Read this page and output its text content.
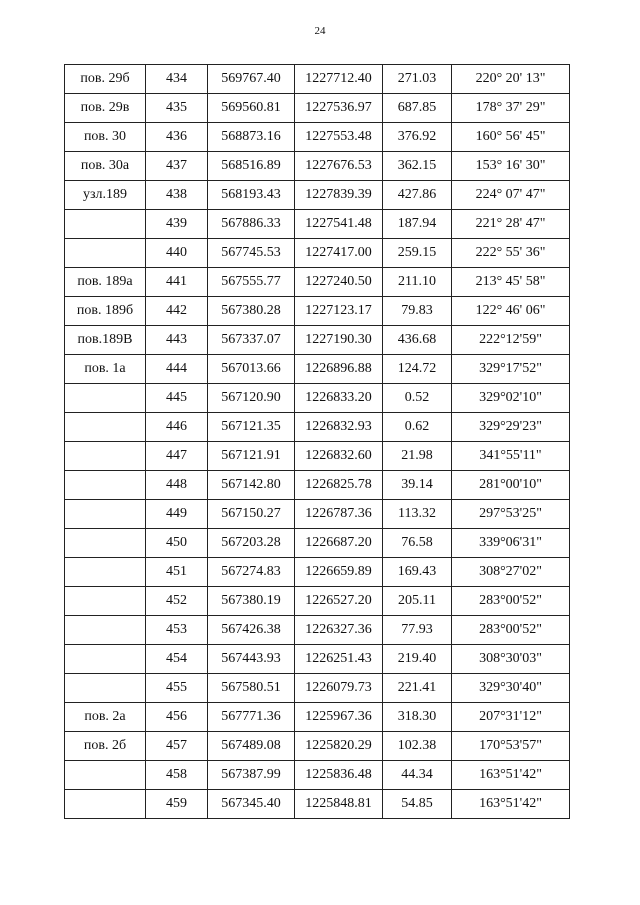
24
пов. 29б	434	569767.40	1227712.40	271.03	220° 20' 13"
пов. 29в	435	569560.81	1227536.97	687.85	178° 37' 29"
пов. 30	436	568873.16	1227553.48	376.92	160° 56' 45"
пов. 30а	437	568516.89	1227676.53	362.15	153° 16' 30"
узл.189	438	568193.43	1227839.39	427.86	224° 07' 47"
	439	567886.33	1227541.48	187.94	221° 28' 47"
	440	567745.53	1227417.00	259.15	222° 55' 36"
пов. 189а	441	567555.77	1227240.50	211.10	213° 45' 58"
пов. 189б	442	567380.28	1227123.17	79.83	122° 46' 06"
пов.189В	443	567337.07	1227190.30	436.68	222°12'59"
пов. 1а	444	567013.66	1226896.88	124.72	329°17'52"
	445	567120.90	1226833.20	0.52	329°02'10"
	446	567121.35	1226832.93	0.62	329°29'23"
	447	567121.91	1226832.60	21.98	341°55'11"
	448	567142.80	1226825.78	39.14	281°00'10"
	449	567150.27	1226787.36	113.32	297°53'25"
	450	567203.28	1226687.20	76.58	339°06'31"
	451	567274.83	1226659.89	169.43	308°27'02"
	452	567380.19	1226527.20	205.11	283°00'52"
	453	567426.38	1226327.36	77.93	283°00'52"
	454	567443.93	1226251.43	219.40	308°30'03"
	455	567580.51	1226079.73	221.41	329°30'40"
пов. 2а	456	567771.36	1225967.36	318.30	207°31'12"
пов. 2б	457	567489.08	1225820.29	102.38	170°53'57"
	458	567387.99	1225836.48	44.34	163°51'42"
	459	567345.40	1225848.81	54.85	163°51'42"
